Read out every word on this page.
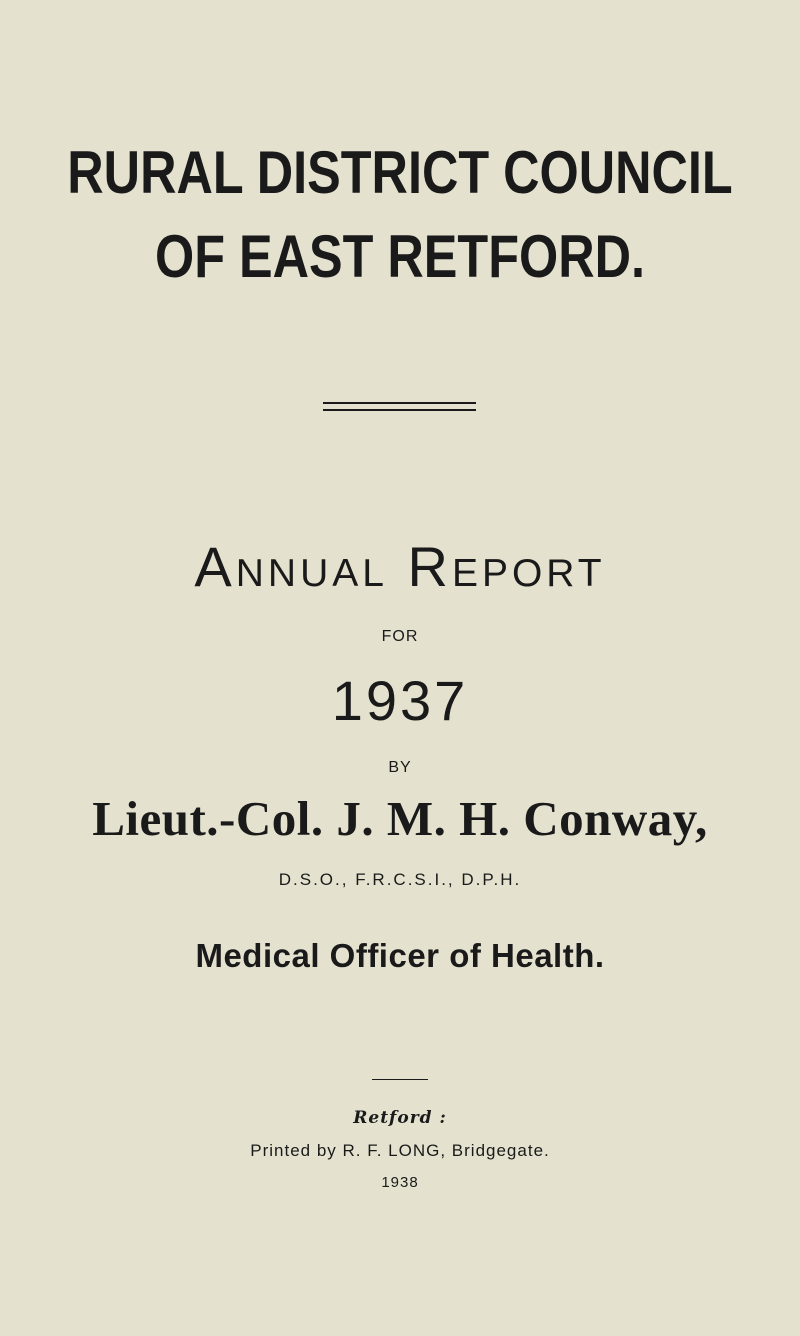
RURAL DISTRICT COUNCIL
OF EAST RETFORD.
Annual Report

FOR

1937

BY

Lieut.-Col. J. M. H. Conway,

D.S.O., F.R.C.S.I., D.P.H.

Medical Officer of Health.

Retford :

Printed by R. F. LONG, Bridgegate.

1938
